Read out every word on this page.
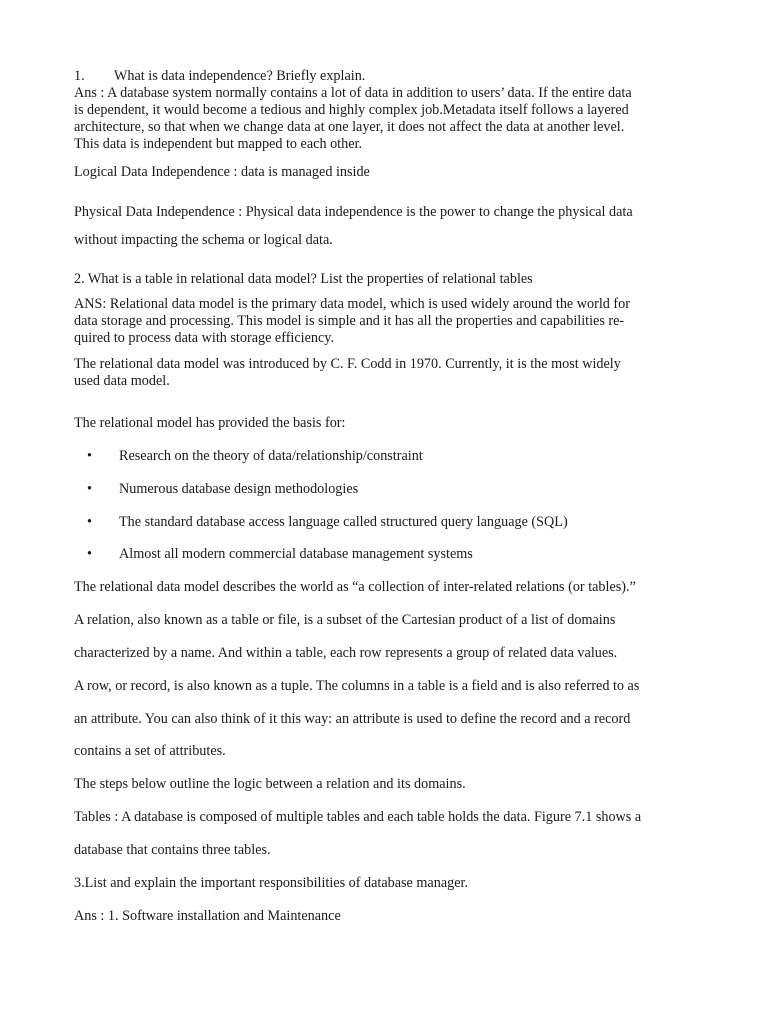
1. What is data independence? Briefly explain.
Ans : A database system normally contains a lot of data in addition to users’ data. If the entire data
is dependent, it would become a tedious and highly complex job.Metadata itself follows a layered
architecture, so that when we change data at one layer, it does not affect the data at another level.
This data is independent but mapped to each other.
Logical Data Independence : data is managed inside
Physical Data Independence : Physical data independence is the power to change the physical data
without impacting the schema or logical data.
2. What is a table in relational data model? List the properties of relational tables
ANS: Relational data model is the primary data model, which is used widely around the world for
data storage and processing. This model is simple and it has all the properties and capabilities re-
quired to process data with storage efficiency.
The relational data model was introduced by C. F. Codd in 1970. Currently, it is the most widely
used data model.
The relational model has provided the basis for:
• Research on the theory of data/relationship/constraint
• Numerous database design methodologies
• The standard database access language called structured query language (SQL)
• Almost all modern commercial database management systems
The relational data model describes the world as “a collection of inter-related relations (or tables).”
A relation, also known as a table or file, is a subset of the Cartesian product of a list of domains
characterized by a name. And within a table, each row represents a group of related data values.
A row, or record, is also known as a tuple. The columns in a table is a field and is also referred to as
an attribute. You can also think of it this way: an attribute is used to define the record and a record
contains a set of attributes.
The steps below outline the logic between a relation and its domains.
Tables : A database is composed of multiple tables and each table holds the data. Figure 7.1 shows a
database that contains three tables.
3.List and explain the important responsibilities of database manager.
Ans : 1. Software installation and Maintenance
